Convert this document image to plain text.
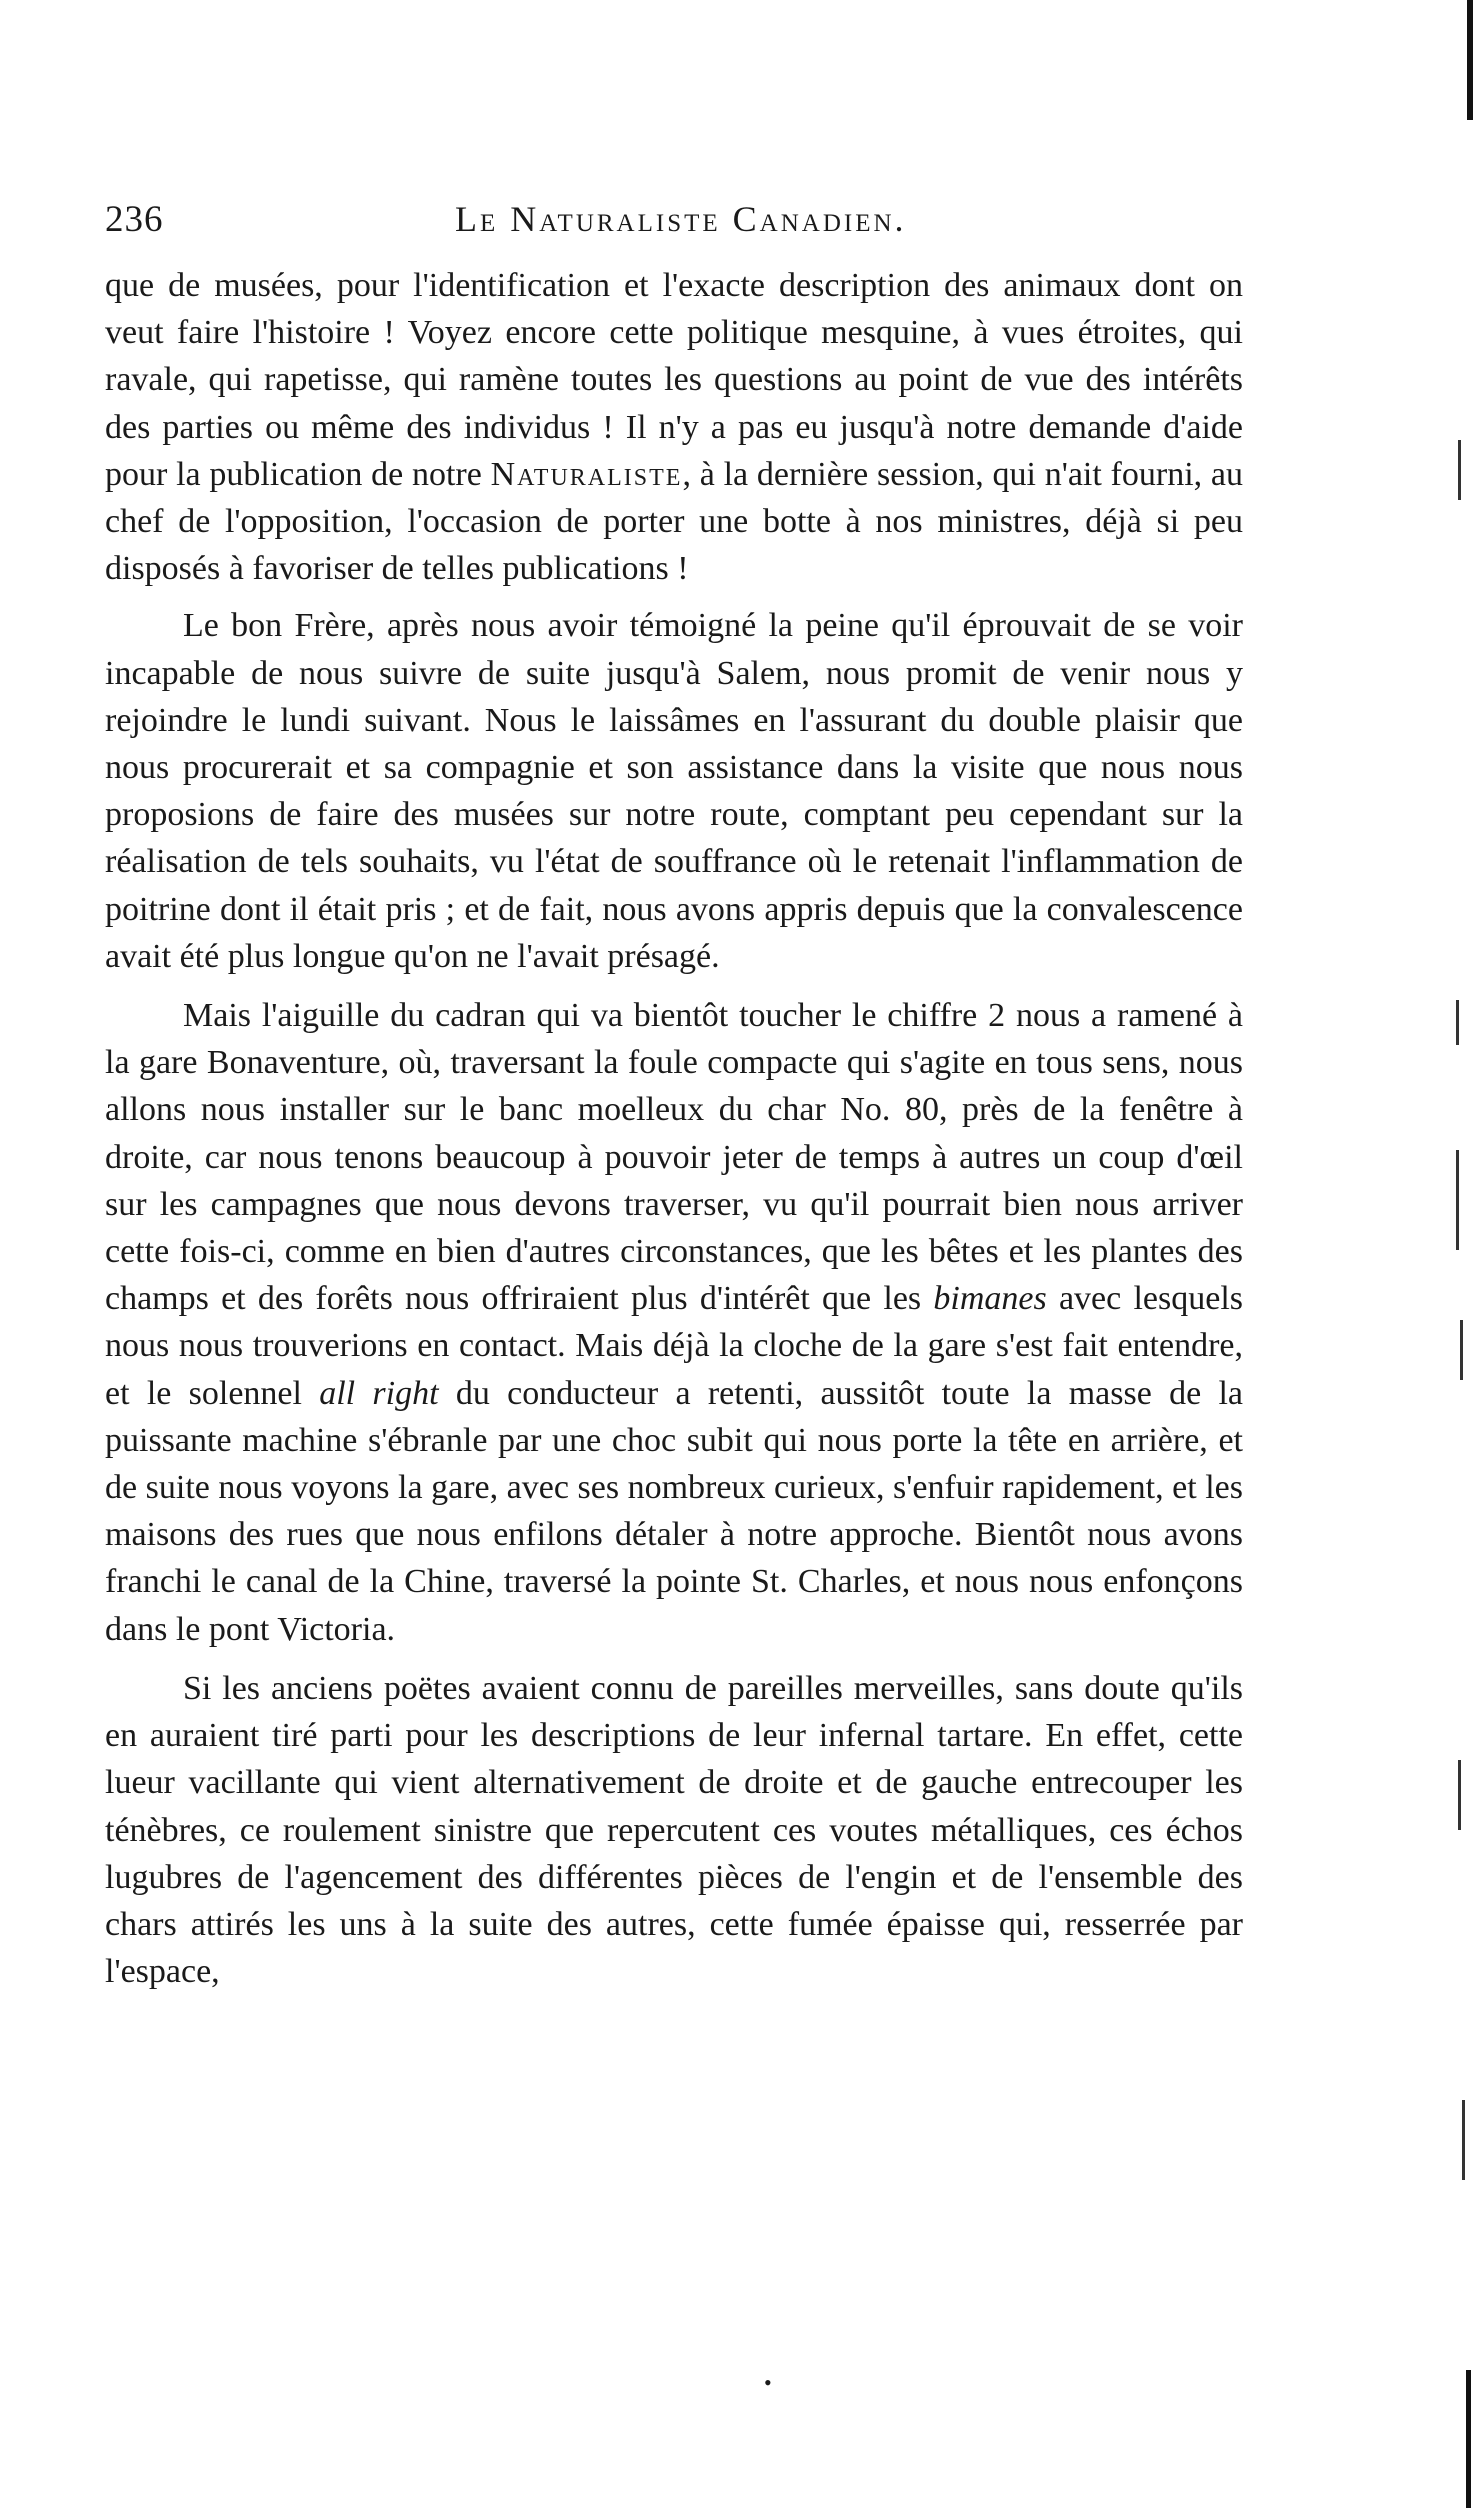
236	Le Naturaliste Canadien.

que de musées, pour l'identification et l'exacte description des animaux dont on veut faire l'histoire ! Voyez encore cette politique mesquine, à vues étroites, qui ravale, qui rapetisse, qui ramène toutes les questions au point de vue des intérêts des parties ou même des individus ! Il n'y a pas eu jusqu'à notre demande d'aide pour la publication de notre Naturaliste, à la dernière session, qui n'ait fourni, au chef de l'opposition, l'occasion de porter une botte à nos ministres, déjà si peu disposés à favoriser de telles publications !

Le bon Frère, après nous avoir témoigné la peine qu'il éprouvait de se voir incapable de nous suivre de suite jusqu'à Salem, nous promit de venir nous y rejoindre le lundi suivant. Nous le laissâmes en l'assurant du double plaisir que nous procurerait et sa compagnie et son assistance dans la visite que nous nous proposions de faire des musées sur notre route, comptant peu cependant sur la réalisation de tels souhaits, vu l'état de souffrance où le retenait l'inflammation de poitrine dont il était pris ; et de fait, nous avons appris depuis que la convalescence avait été plus longue qu'on ne l'avait présagé.

Mais l'aiguille du cadran qui va bientôt toucher le chiffre 2 nous a ramené à la gare Bonaventure, où, traversant la foule compacte qui s'agite en tous sens, nous allons nous installer sur le banc moelleux du char No. 80, près de la fenêtre à droite, car nous tenons beaucoup à pouvoir jeter de temps à autres un coup d'œil sur les campagnes que nous devons traverser, vu qu'il pourrait bien nous arriver cette fois-ci, comme en bien d'autres circonstances, que les bêtes et les plantes des champs et des forêts nous offriraient plus d'intérêt que les bimanes avec lesquels nous nous trouverions en contact. Mais déjà la cloche de la gare s'est fait entendre, et le solennel all right du conducteur a retenti, aussitôt toute la masse de la puissante machine s'ébranle par une choc subit qui nous porte la tête en arrière, et de suite nous voyons la gare, avec ses nombreux curieux, s'enfuir rapidement, et les maisons des rues que nous enfilons détaler à notre approche. Bientôt nous avons franchi le canal de la Chine, traversé la pointe St. Charles, et nous nous enfonçons dans le pont Victoria.

Si les anciens poëtes avaient connu de pareilles merveilles, sans doute qu'ils en auraient tiré parti pour les descriptions de leur infernal tartare. En effet, cette lueur vacillante qui vient alternativement de droite et de gauche entrecouper les ténèbres, ce roulement sinistre que repercutent ces voutes métalliques, ces échos lugubres de l'agencement des différentes pièces de l'engin et de l'ensemble des chars attirés les uns à la suite des autres, cette fumée épaisse qui, resserrée par l'espace,

•
